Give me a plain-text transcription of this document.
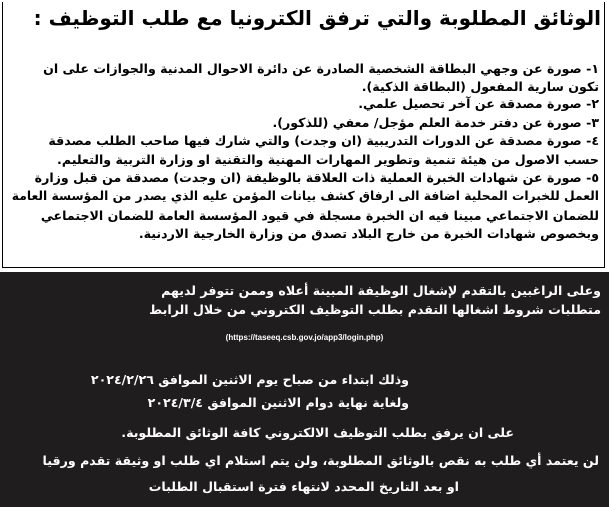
الوثائق المطلوبة والتي ترفق الكترونيا مع طلب التوظيف :
١- صورة عن وجهي البطاقة الشخصية الصادرة عن دائرة الاحوال المدنية والجوازات على ان
تكون سارية المفعول (البطاقة الذكية).
٢- صورة مصدقة عن آخر تحصيل علمي.
٣- صورة عن دفتر خدمة العلم مؤجل/ معفي (للذكور).
٤- صورة مصدقة عن الدورات التدريبية (ان وجدت) والتي شارك فيها صاحب الطلب مصدقة
حسب الاصول من هيئة تنمية وتطوير المهارات المهنية والتقنية او وزارة التربية والتعليم.
٥- صورة عن شهادات الخبرة العملية ذات العلاقة بالوظيفة (ان وجدت) مصدقة من قبل وزارة
العمل للخبرات المحلية اضافة الى ارفاق كشف بيانات المؤمن عليه الذي يصدر من المؤسسة العامة
للضمان الاجتماعي مبينا فيه ان الخبرة مسجلة في قيود المؤسسة العامة للضمان الاجتماعي
وبخصوص شهادات الخبرة من خارج البلاد تصدق من وزارة الخارجية الاردنية.
وعلى الراغبين بالتقدم لإشغال الوظيفة المبينة أعلاه وممن تتوفر لديهم
متطلبات شروط اشغالها التقدم بطلب التوظيف الكتروني من خلال الرابط
(https://taseeq.csb.gov.jo/app3/login.php)
وذلك ابتداء من صباح يوم الاثنين الموافق ٢٠٢٤/٢/٢٦
ولغاية نهاية دوام الاثنين الموافق ٢٠٢٤/٣/٤
على ان يرفق بطلب التوظيف الالكتروني كافة الوثائق المطلوبة.
لن يعتمد أي طلب به نقص بالوثائق المطلوبة، ولن يتم استلام اي طلب او وثيقة تقدم ورقيا
او بعد التاريخ المحدد لانتهاء فترة استقبال الطلبات
